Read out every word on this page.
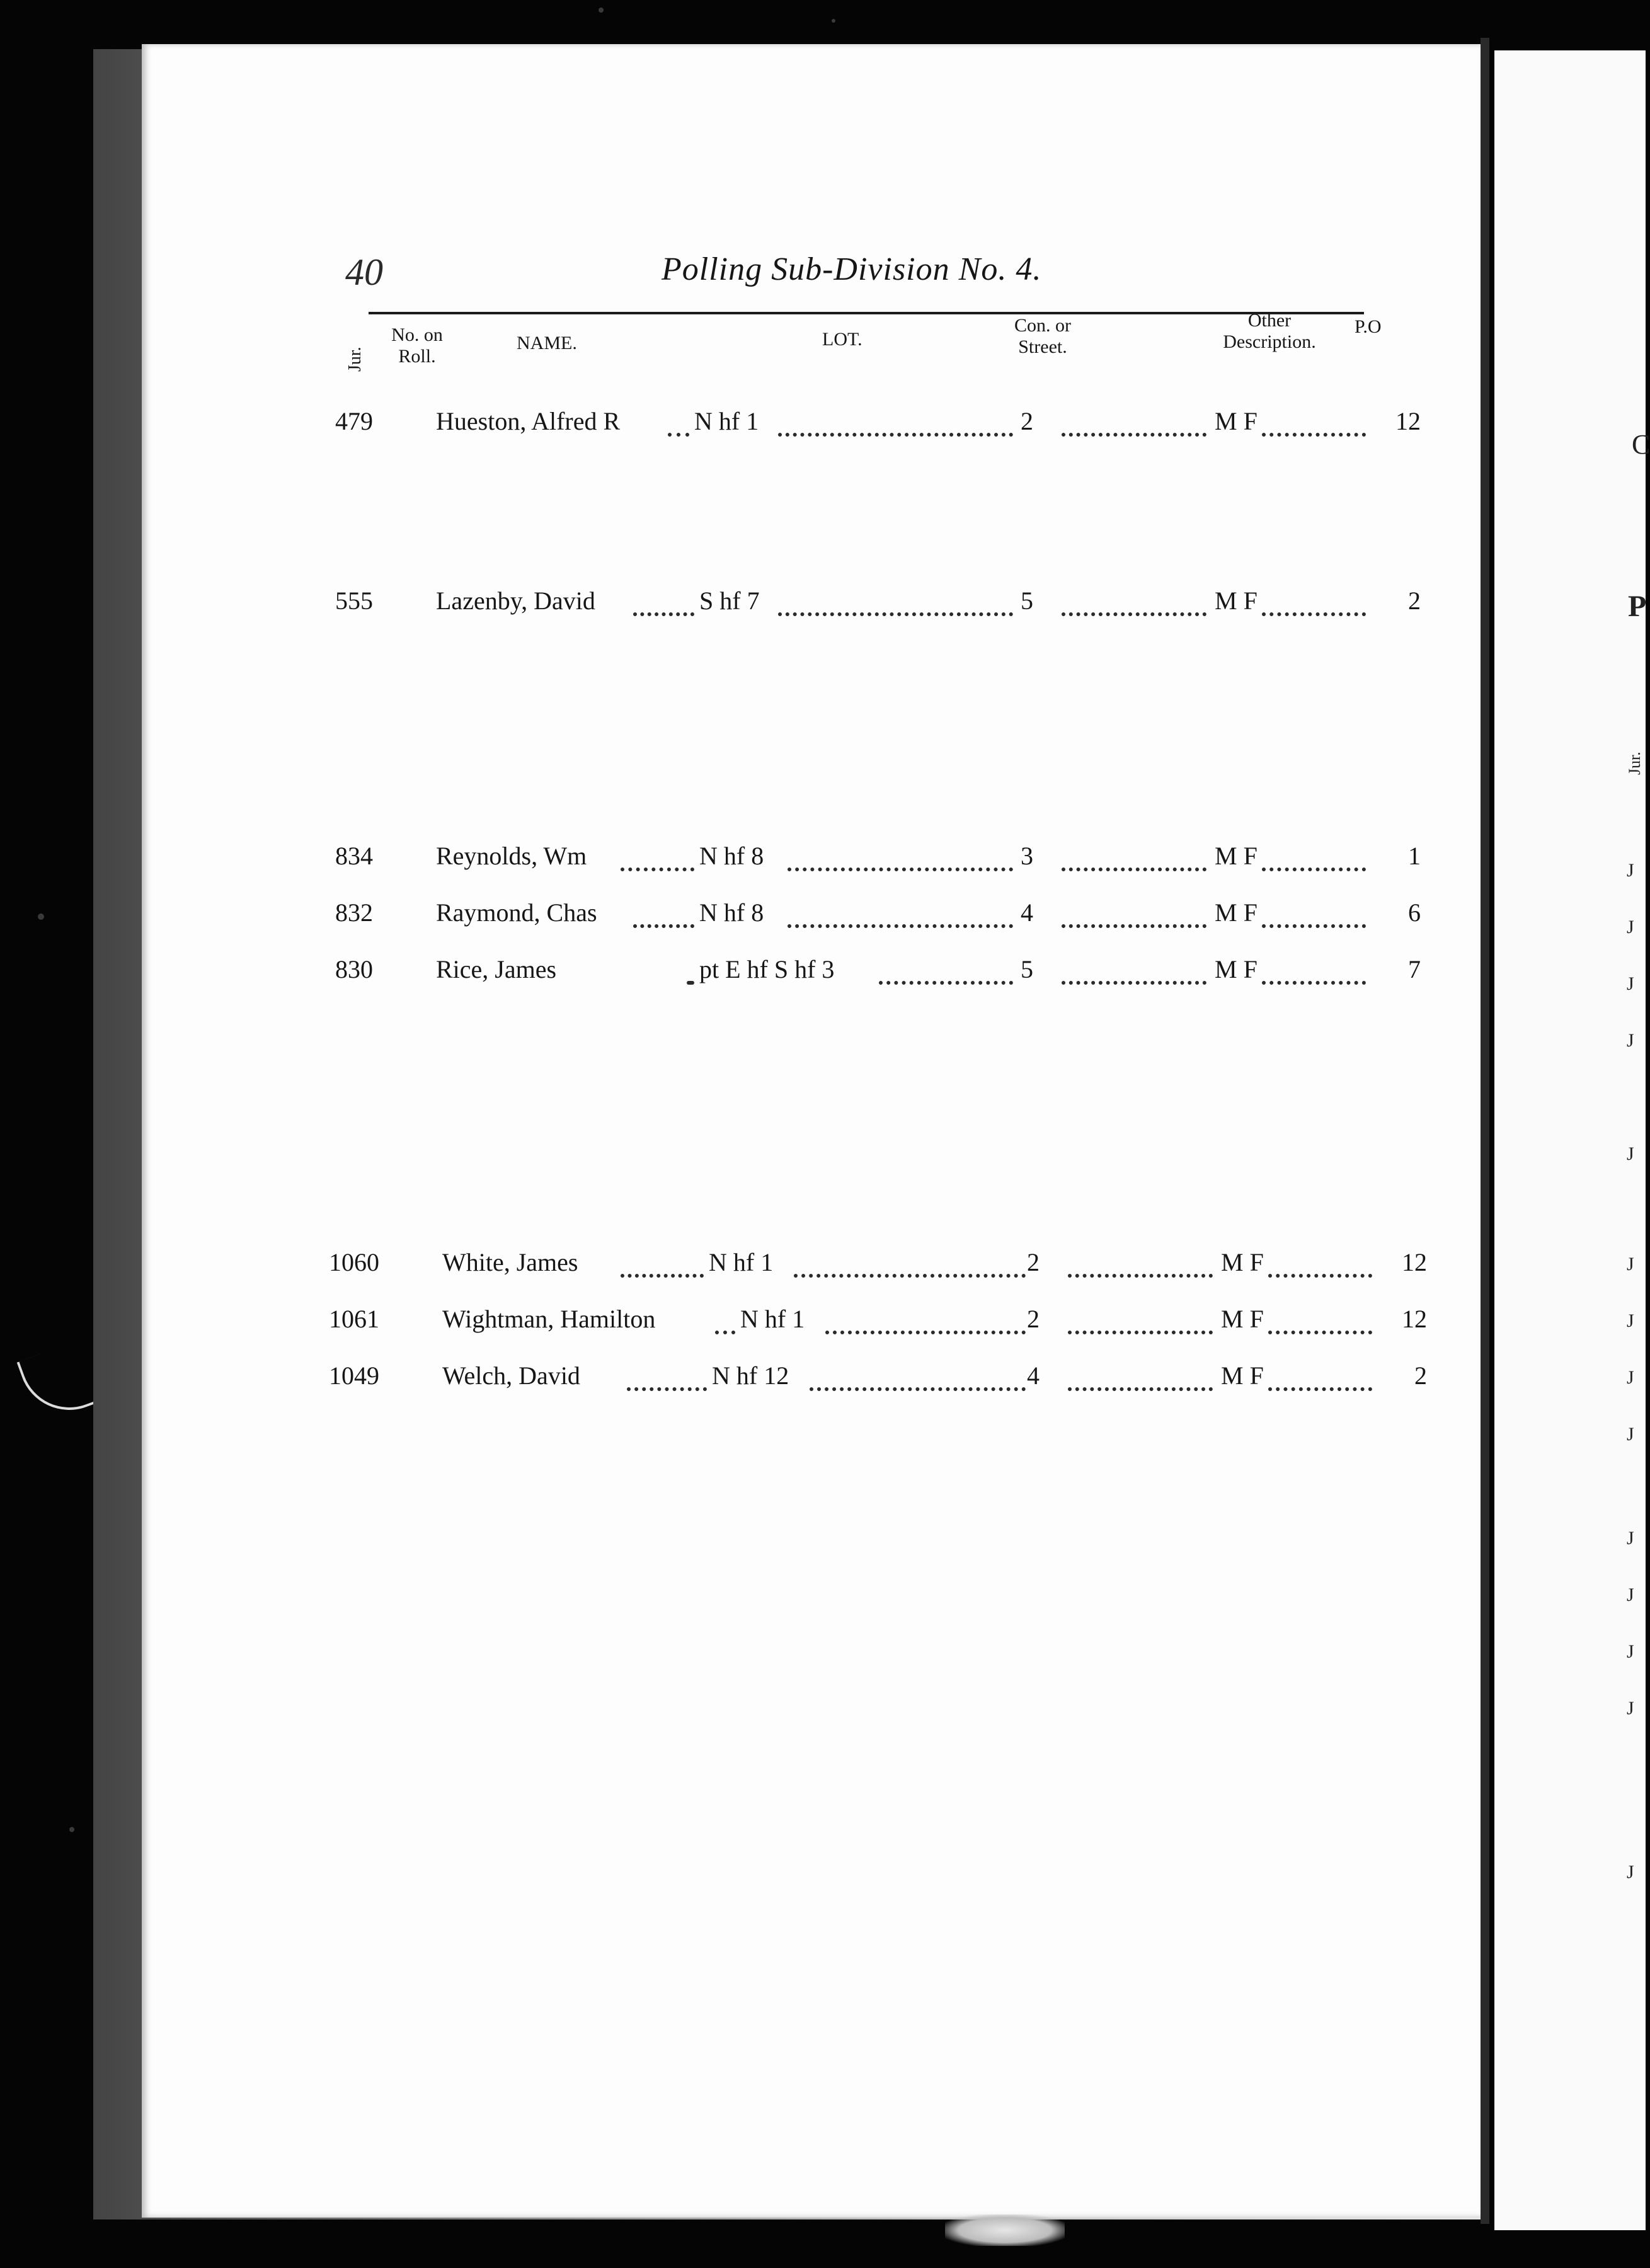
C
P
Jur.
J
J
J
J
J
J
J
J
J
J
J
J
J
J
40	Polling Sub-Division No. 4.
Jur.
No. on
Roll.
NAME.	LOT.
Con. or
Street.
Other
Description.
P.O
479	Hueston, Alfred R	N hf 1	2	M F	12
555	Lazenby, David	S hf 7	5	M F	2
834	Reynolds, Wm	N hf 8	3	M F	1
832	Raymond, Chas	N hf 8	4	M F	6
830	Rice, James	pt E hf S hf 3	5	M F	7
1060	White, James	N hf 1	2	M F	12
1061	Wightman, Hamilton	N hf 1	2	M F	12
1049	Welch, David	N hf 12	4	M F	2
